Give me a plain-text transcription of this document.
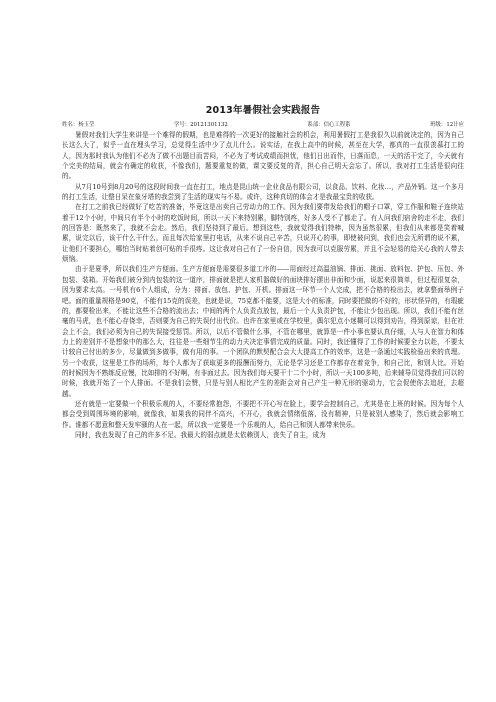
2013年暑假社会实践报告
姓名：杨玉莹	学号：20121301132	系部：信心工程系	班级：12计应

暑假对我们大学生来讲是一个难得的假期，也是难得的一次更好的接触社会的机会，利用暑假打工是我很久以前就决定的，因为自己长这么大了，似乎一直在埋头学习，总觉得生活中少了点儿什么。说实话，在我上高中的时候，甚至在大学，都真的一直很羡慕打工的人，因为那时我认为他们不必为了做不出题目而苦闷，不必为了考试成绩而担忧，他们日出而作，日落而息，一天的活干完了，今天就有个完美的结局，就会有确定的收获，不像我们，题要重复的做，课文要反复的背，担心自己明天会忘了。所以，我对打工生活是很向往的。

从7月10号到8月20号的这段时间我一直在打工，地点是昆山统一企业食品有限公司，以食品、饮料、化妆…，产品外销。这一个多月的打工生活，让整日呆在象牙塔的我尝到了生活的现实与不易。或许，这种真切的体会才是我最宝贵的收获。

在打工之前我已经做好了吃苦的准备，毕竟这是出卖自己劳动力的工作。因为我们要带发给我们的帽子口罩，穿工作服和鞋子连续站着干12个小时，中间只有半个小时的吃饭时间，所以一天下来特别累，脚特别疼，好多人受不了都走了。有人问我们宿舍的走不走，我们的回答是：既然来了，我就不会走。然后，我们坚持到了最后。想到这些，我就觉得我们特棒，因为虽然很累，但我们从来都是笑着喊累，说完以后，该干什么干什么，而且每次给家里打电话，从来不说自己辛苦，只说开心的事，即使被问到，我们也会无所谓的说不累，让他们不要担心，哪怕当时贴着创可贴的手很疼。这让我对自己有了一份自信，因为我可以克服劳累，并且不会轻易的给关心我的人带去烦恼。

由于是夏季，所以我们生产方便面。生产方便面是需要很多道工序的——用面经过高温油锅、排面、挑面、放料包、护包、压包、外包装、装箱。开始我们被分到内包装的这一道序，排面就是把人家机器做好的面块排好摆出非面和少面，说起来很简单，但过程很复杂，因为要求太高。一号机有6个人组成，分为：排面、放包、护包、开机。排面这一环节一个人完成，把不合格的检出去，就拿整面举例子吧。面的重量规格是90克，不能有15克的误差，也就是说，75克都不能要，这是大小的标准，同时要把做的不好的，形状怪异的，有瑕疵的，都要检出来，不能让这些不合格的流出去；中间的两个人负责点放包，最后一个人负责护包，不能让少包出现。所以，我们不能有丝毫的马虎，也不能心存侥幸，否则要为自己的失误付出代价。也许在家里或在学校里，偶尔犯点小迷糊可以得到劝告，得到原谅，但在社会上不会，我们必须为自己的失误接受惩罚。所以，以后不管做什么事，不管在哪里，就算是一件小事也要认真仔细，人与人在智力和体力上的差别并不是想象中的那么大，往往是一些细节生的动力夫决定事情完成的质量。同时，我还懂得了工作的时候要全力以赴，不要太计较自己付出的多少，尽量做到多做事，做有用的事。一个团队的默契配合会大大提高工作的效率，这是一条通过实践检验出来的真理。另一个收获，这里是工作的场所，每个人都为了获取更多的报酬而努力，无论是学习还是工作都存在着竞争，和自己比，和别人比。开始的时候因为不熟练反应慢，比如排的不好啊，有非面过去。因为我们每天要干十二个小时，所以一天100多吨，后来辅导员觉得我们可以的时候，我就开始了一个人排面。不是我们会赞，只是与别人相比产生的差距会对自己产生一种无形的驱动力，它会促使你去追赶，去超越。

还有就是一定要做一个积极乐观的人，不要经常抱怨，不要把不开心写在脸上，要学会控制自己，尤其是在上班的时候。因为每个人都会受到周围环境的影响，就像我，如果我的同伴不高兴，不开心，我就会情绪低落，没有精神，只是被别人感染了，然后就会影响工作。谁都不愿意和整天发牢骚的人在一起，所以我一定要是一个乐观的人，给自己和别人都带来快乐。

同时，我也发现了自己的许多不足。我最大的弱点就是太依赖别人，丧失了自主，成为
